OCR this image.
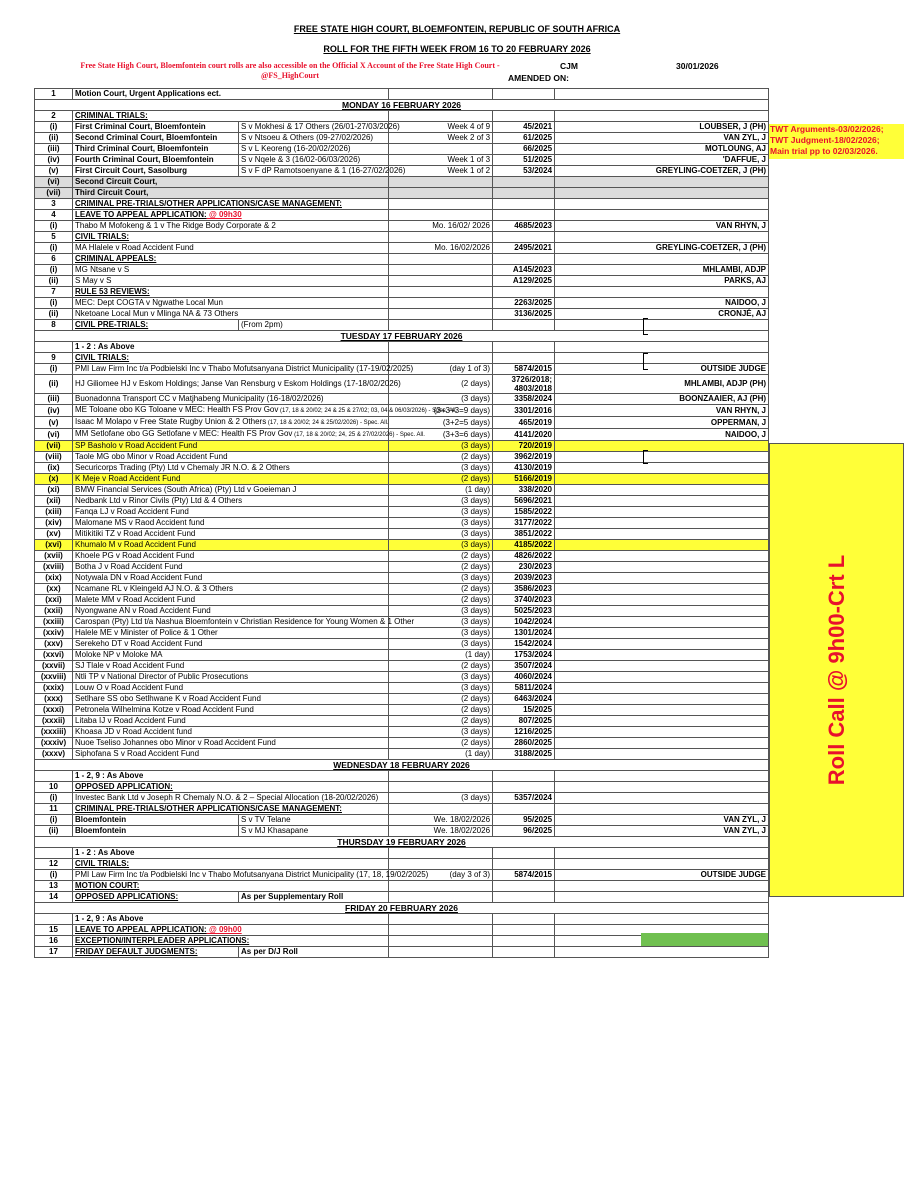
FREE STATE HIGH COURT, BLOEMFONTEIN, REPUBLIC OF SOUTH AFRICA
ROLL FOR THE FIFTH WEEK FROM 16 TO 20 FEBRUARY 2026
Free State High Court, Bloemfontein court rolls are also accessible on the Official X Account of the Free State High Court -
@FS_HighCourt
CJM	30/01/2026
AMENDED ON:
1	Motion Court, Urgent Applications ect.				
MONDAY 16 FEBRUARY 2026					
2	CRIMINAL TRIALS:				
(i)	First Criminal Court, Bloemfontein	S v Mokhesi & 17 Others (26/01-27/03/2026)	Week 4 of 9	45/2021	LOUBSER, J (PH)
(ii)	Second Criminal Court, Bloemfontein	S v Ntsoeu & Others (09-27/02/2026)	Week 2 of 3	61/2025	VAN ZYL, J
(iii)	Third Criminal Court, Bloemfontein	S v L Keoreng (16-20/02/2026)		66/2025	MOTLOUNG, AJ
(iv)	Fourth Criminal Court, Bloemfontein	S v Nqele & 3 (16/02-06/03/2026)	Week 1 of 3	51/2025	'DAFFUE, J
(v)	First Circuit Court, Sasolburg	S v F dP Ramotsoenyane & 1 (16-27/02/2026)	Week 1 of 2	53/2024	GREYLING-COETZER, J (PH)
(vi)	Second Circuit Court,				
(vii)	Third Circuit Court,				
3	CRIMINAL PRE-TRIALS/OTHER APPLICATIONS/CASE MANAGEMENT:				
4	LEAVE TO APPEAL APPLICATION: @ 09h30				
(i)	Thabo M Mofokeng & 1 v The Ridge Body Corporate & 2		Mo. 16/02/ 2026	4685/2023	VAN RHYN, J
5	CIVIL TRIALS:				
(i)	MA Hlalele v Road Accident Fund		Mo. 16/02/2026	2495/2021	GREYLING-COETZER, J (PH)
6	CRIMINAL APPEALS:				
(i)	MG Ntsane v S			A145/2023	MHLAMBI, ADJP
(ii)	S May v S			A129/2025	PARKS, AJ
7	RULE 53 REVIEWS:				
(i)	MEC: Dept COGTA v Ngwathe Local Mun			2263/2025	NAIDOO, J
(ii)	Nketoane Local Mun v Mlinga NA & 73 Others			3136/2025	CRONJÉ, AJ
8	CIVIL PRE-TRIALS:	(From 2pm)			
TUESDAY 17 FEBRUARY 2026					
	1 - 2 : As Above				
9	CIVIL TRIALS:				
(i)	PMI Law Firm Inc t/a Podbielski Inc v Thabo Mofutsanyana District Municipality (17-19/02/2025)		(day 1 of 3)	5874/2015	OUTSIDE JUDGE
(ii)	HJ Giliomee HJ v Eskom Holdings; Janse Van Rensburg v Eskom Holdings (17-18/02/2026)		(2 days)	3726/2018;
4803/2018	MHLAMBI, ADJP (PH)
(iii)	Buonadonna Transport CC v Matjhabeng Municipality (16-18/02/2026)		(3 days)	3358/2024	BOONZAAIER, AJ (PH)
(iv)	ME Toloane obo KG Toloane v MEC: Health FS Prov Gov (17, 18 & 20/02; 24 & 25 & 27/02; 03, 04 & 06/03/2026) - Spec. All.		(3+3+3=9 days)	3301/2016	VAN RHYN, J
(v)	Isaac M Molapo v Free State Rugby Union & 2 Others (17, 18 & 20/02; 24 & 25/02/2026) - Spec. All.		(3+2=5 days)	465/2019	OPPERMAN, J
(vi)	MM Setlofane obo GG Setlofane v MEC: Health FS Prov Gov (17, 18 & 20/02; 24, 25 & 27/02/2026) - Spec. All.		(3+3=6 days)	4141/2020	NAIDOO, J
(vii)	SP Basholo v Road Accident Fund		(3 days)	720/2019	
(viii)	Taole MG obo Minor v Road Accident Fund		(2 days)	3962/2019	
(ix)	Securicorps Trading (Pty) Ltd v Chemaly JR N.O. & 2 Others		(3 days)	4130/2019	
(x)	K Meje v Road Accident Fund		(2 days)	5166/2019	
(xi)	BMW Financial Services (South Africa) (Pty) Ltd v Goeieman J		(1 day)	338/2020	
(xii)	Nedbank Ltd v Rinor Civils (Pty) Ltd & 4 Others		(3 days)	5696/2021	
(xiii)	Fanqa LJ v Road Accident Fund		(3 days)	1585/2022	
(xiv)	Malomane MS v Raod Accident fund		(3 days)	3177/2022	
(xv)	Mitikitiki TZ v Road Accident Fund		(3 days)	3851/2022	
(xvi)	Khumalo M v Road Accident Fund		(3 days)	4185/2022	
(xvii)	Khoele PG v Road Accident Fund		(2 days)	4826/2022	
(xviii)	Botha J v Road Accident Fund		(2 days)	230/2023	
(xix)	Notywala DN v Road Accident Fund		(3 days)	2039/2023	
(xx)	Ncamane RL v Kleingeld AJ N.O. & 3 Others		(2 days)	3586/2023	
(xxi)	Malete MM v Road Accident Fund		(2 days)	3740/2023	
(xxii)	Nyongwane AN v Road Accident Fund		(3 days)	5025/2023	
(xxiii)	Carospan (Pty) Ltd t/a Nashua Bloemfontein v Christian Residence for Young Women & 1 Other		(3 days)	1042/2024	
(xxiv)	Halele ME v Minister of Police & 1 Other		(3 days)	1301/2024	
(xxv)	Serekeho DT v Road Accident Fund		(3 days)	1542/2024	
(xxvi)	Moloke NP v Moloke MA		(1 day)	1753/2024	
(xxvii)	SJ Tlale v Road Accident Fund		(2 days)	3507/2024	
(xxviii)	Ntli TP v National Director of Public Prosecutions		(3 days)	4060/2024	
(xxix)	Louw O v Road Accident Fund		(3 days)	5811/2024	
(xxx)	Setlhare SS obo Setlhwane K v Road Accident Fund		(2 days)	6463/2024	
(xxxi)	Petronela Wilhelmina Kotze v Road Accident Fund		(2 days)	15/2025	
(xxxii)	Litaba IJ v Road Accident Fund		(2 days)	807/2025	
(xxxiii)	Khoasa JD v Road Accident fund		(3 days)	1216/2025	
(xxxiv)	Nuoe Tseliso Johannes obo Minor v Road Accident Fund		(2 days)	2860/2025	
(xxxv)	Siphofana S v Road Accident Fund		(1 day)	3188/2025	
WEDNESDAY 18 FEBRUARY 2026					
	1 - 2, 9 : As Above				
10	OPPOSED APPLICATION:				
(i)	Investec Bank Ltd v Joseph R Chemaly N.O. & 2 – Special Allocation (18-20/02/2026)		(3 days)	5357/2024	
11	CRIMINAL PRE-TRIALS/OTHER APPLICATIONS/CASE MANAGEMENT:				
(i)	Bloemfontein	S v TV Telane	We. 18/02/2026	95/2025	VAN ZYL, J
(ii)	Bloemfontein	S v MJ Khasapane	We. 18/02/2026	96/2025	VAN ZYL, J
THURSDAY 19 FEBRUARY 2026					
	1 - 2 : As Above				
12	CIVIL TRIALS:				
(i)	PMI Law Firm Inc t/a Podbielski Inc v Thabo Mofutsanyana District Municipality (17, 18, 19/02/2025)		(day 3 of 3)	5874/2015	OUTSIDE JUDGE
13	MOTION COURT:				
14	OPPOSED APPLICATIONS:	As per Supplementary Roll			
FRIDAY 20 FEBRUARY 2026					
	1 - 2, 9 : As Above				
15	LEAVE TO APPEAL APPLICATION: @ 09h00				
16	EXCEPTION/INTERPLEADER APPLICATIONS:				
17	FRIDAY DEFAULT JUDGMENTS:	As per D/J Roll			
TWT Arguments-03/02/2026;
TWT Judgment-18/02/2026;
Main trial pp to 02/03/2026.
Roll Call @ 9h00-Crt L
